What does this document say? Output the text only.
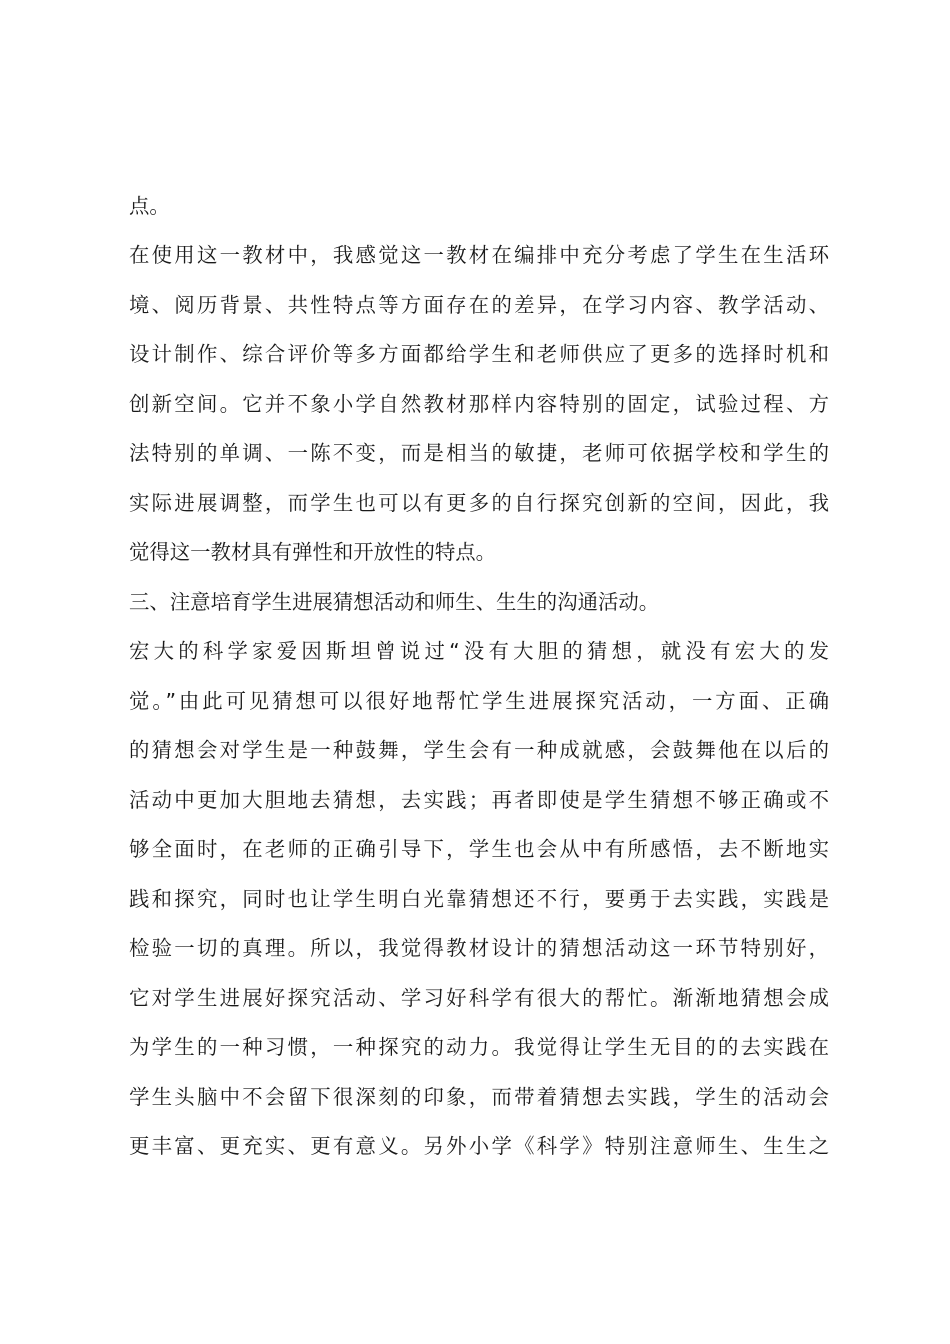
点。
在使用这一教材中，我感觉这一教材在编排中充分考虑了学生在生活环
境、阅历背景、共性特点等方面存在的差异，在学习内容、教学活动、
设计制作、综合评价等多方面都给学生和老师供应了更多的选择时机和
创新空间。它并不象小学自然教材那样内容特别的固定，试验过程、方
法特别的单调、一陈不变，而是相当的敏捷，老师可依据学校和学生的
实际进展调整，而学生也可以有更多的自行探究创新的空间，因此，我
觉得这一教材具有弹性和开放性的特点。
三、注意培育学生进展猜想活动和师生、生生的沟通活动。
宏大的科学家爱因斯坦曾说过“没有大胆的猜想，就没有宏大的发
觉。”由此可见猜想可以很好地帮忙学生进展探究活动，一方面、正确
的猜想会对学生是一种鼓舞，学生会有一种成就感，会鼓舞他在以后的
活动中更加大胆地去猜想，去实践；再者即使是学生猜想不够正确或不
够全面时，在老师的正确引导下，学生也会从中有所感悟，去不断地实
践和探究，同时也让学生明白光靠猜想还不行，要勇于去实践，实践是
检验一切的真理。所以，我觉得教材设计的猜想活动这一环节特别好，
它对学生进展好探究活动、学习好科学有很大的帮忙。渐渐地猜想会成
为学生的一种习惯，一种探究的动力。我觉得让学生无目的的去实践在
学生头脑中不会留下很深刻的印象，而带着猜想去实践，学生的活动会
更丰富、更充实、更有意义。另外小学《科学》特别注意师生、生生之
